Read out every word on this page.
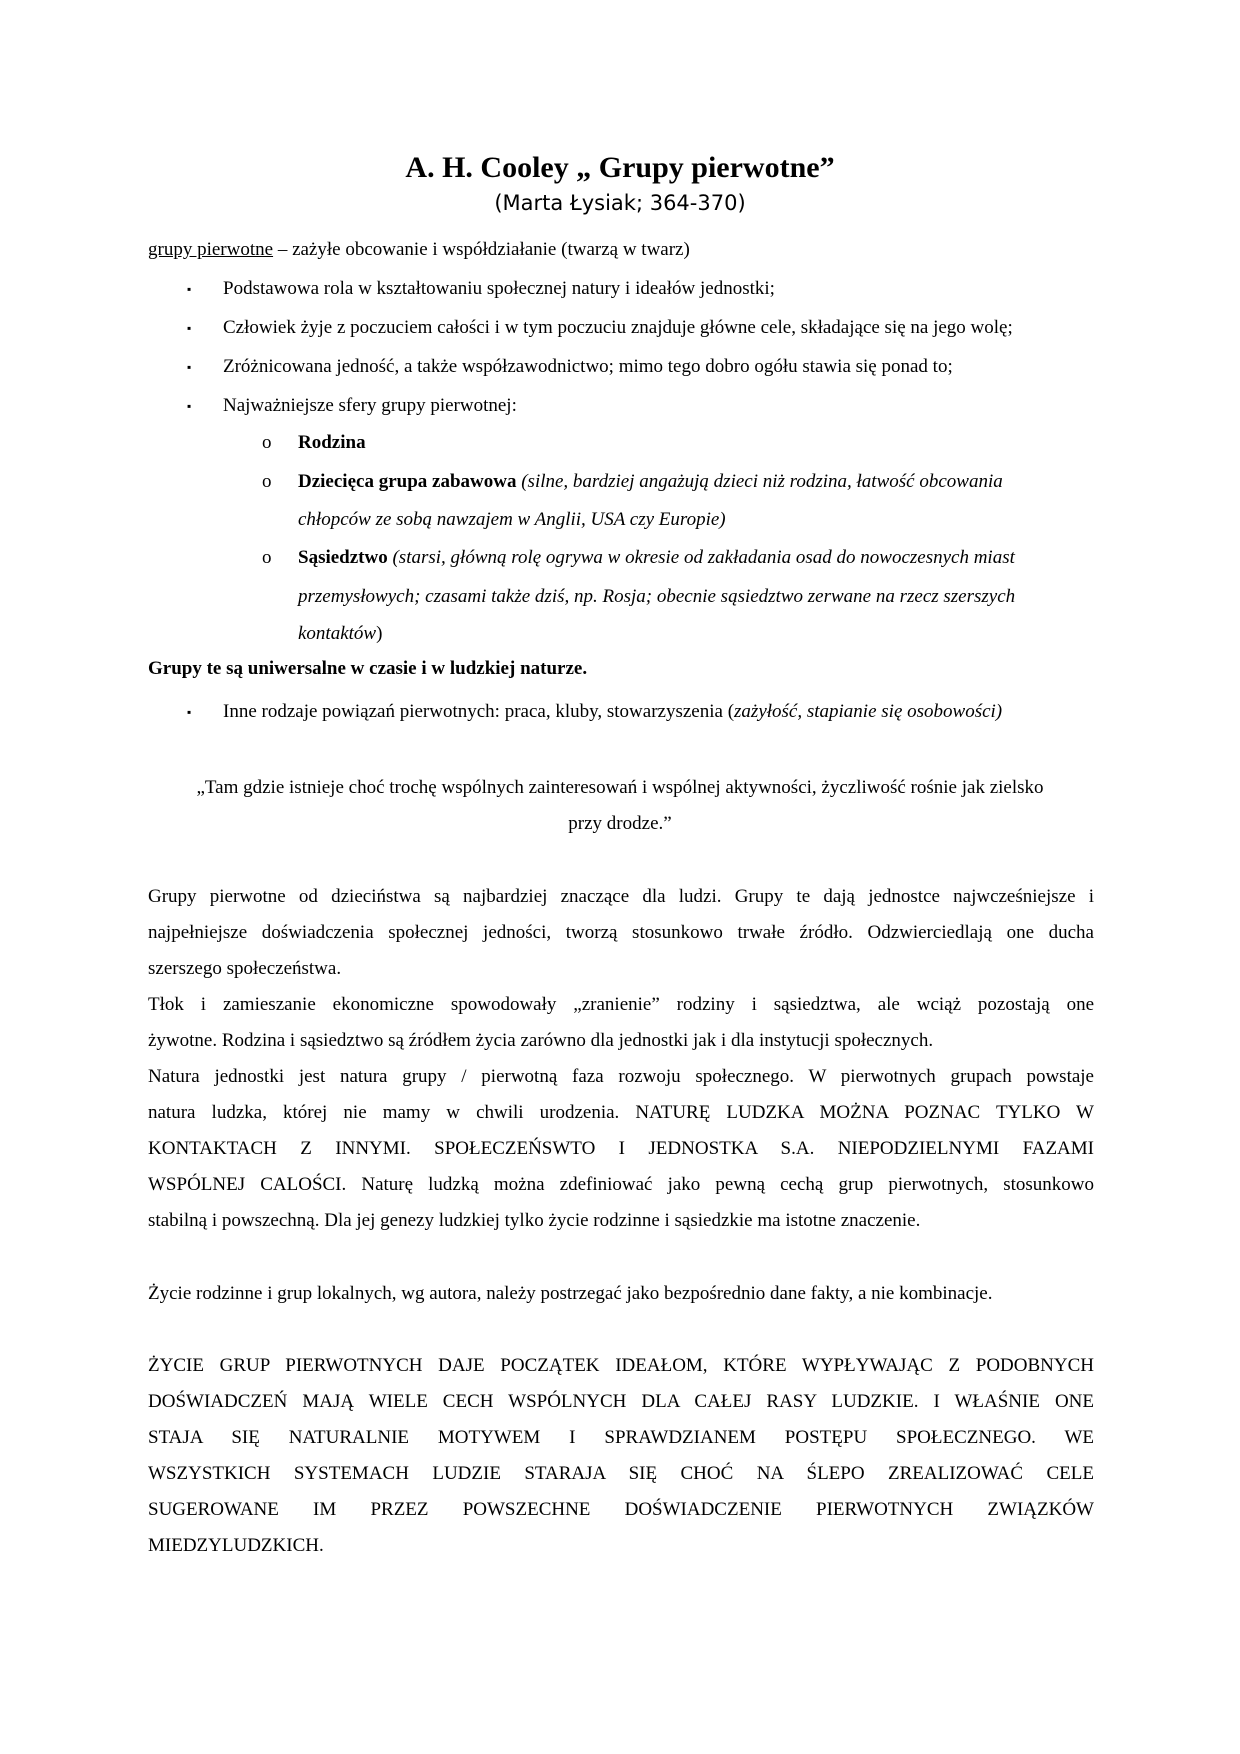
A. H. Cooley „ Grupy pierwotne”
(Marta Łysiak; 364-370)
grupy pierwotne – zażyłe obcowanie i współdziałanie (twarzą w twarz)
▪ Podstawowa rola w kształtowaniu społecznej natury i ideałów jednostki;
▪ Człowiek żyje z poczuciem całości i w tym poczuciu znajduje główne cele, składające się na jego wolę;
▪ Zróżnicowana jedność, a także współzawodnictwo; mimo tego dobro ogółu stawia się ponad to;
▪ Najważniejsze sfery grupy pierwotnej:
o Rodzina
o Dziecięca grupa zabawowa (silne, bardziej angażują dzieci niż rodzina, łatwość obcowania
chłopców ze sobą nawzajem w Anglii, USA czy Europie)
o Sąsiedztwo (starsi, główną rolę ogrywa w okresie od zakładania osad do nowoczesnych miast
przemysłowych; czasami także dziś, np. Rosja; obecnie sąsiedztwo zerwane na rzecz szerszych
kontaktów)
Grupy te są uniwersalne w czasie i w ludzkiej naturze.
▪ Inne rodzaje powiązań pierwotnych: praca, kluby, stowarzyszenia (zażyłość, stapianie się osobowości)
„Tam gdzie istnieje choć trochę wspólnych zainteresowań i wspólnej aktywności, życzliwość rośnie jak zielsko
przy drodze.”
Grupy pierwotne od dzieciństwa są najbardziej znaczące dla ludzi. Grupy te dają jednostce najwcześniejsze i
najpełniejsze doświadczenia społecznej jedności, tworzą stosunkowo trwałe źródło. Odzwierciedlają one ducha
szerszego społeczeństwa.
Tłok i zamieszanie ekonomiczne spowodowały „zranienie” rodziny i sąsiedztwa, ale wciąż pozostają one
żywotne. Rodzina i sąsiedztwo są źródłem życia zarówno dla jednostki jak i dla instytucji społecznych.
Natura jednostki jest natura grupy / pierwotną faza rozwoju społecznego. W pierwotnych grupach powstaje
natura ludzka, której nie mamy w chwili urodzenia. NATURĘ LUDZKA MOŻNA POZNAC TYLKO W
KONTAKTACH Z INNYMI. SPOŁECZEŃSWTO I JEDNOSTKA S.A. NIEPODZIELNYMI FAZAMI
WSPÓLNEJ CALOŚCI. Naturę ludzką można zdefiniować jako pewną cechą grup pierwotnych, stosunkowo
stabilną i powszechną. Dla jej genezy ludzkiej tylko życie rodzinne i sąsiedzkie ma istotne znaczenie.
Życie rodzinne i grup lokalnych, wg autora, należy postrzegać jako bezpośrednio dane fakty, a nie kombinacje.
ŻYCIE GRUP PIERWOTNYCH DAJE POCZĄTEK IDEAŁOM, KTÓRE WYPŁYWAJĄC Z PODOBNYCH
DOŚWIADCZEŃ MAJĄ WIELE CECH WSPÓLNYCH DLA CAŁEJ RASY LUDZKIE. I WŁAŚNIE ONE
STAJA SIĘ NATURALNIE MOTYWEM I SPRAWDZIANEM POSTĘPU SPOŁECZNEGO. WE
WSZYSTKICH SYSTEMACH LUDZIE STARAJA SIĘ CHOĆ NA ŚLEPO ZREALIZOWAĆ CELE
SUGEROWANE IM PRZEZ POWSZECHNE DOŚWIADCZENIE PIERWOTNYCH ZWIĄZKÓW
MIEDZYLUDZKICH.
